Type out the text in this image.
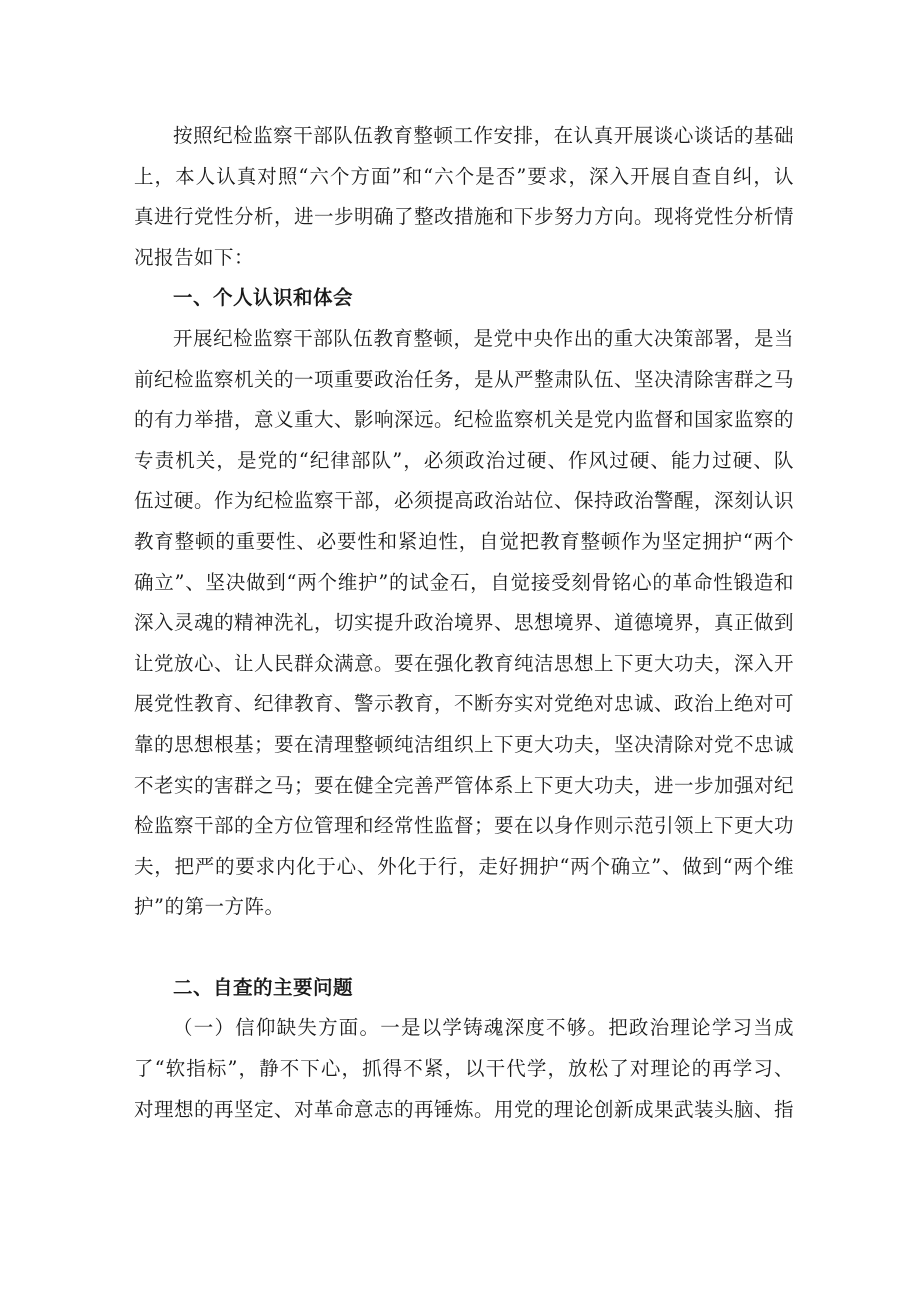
按照纪检监察干部队伍教育整顿工作安排，在认真开展谈心谈话的基础上，本人认真对照“六个方面”和“六个是否”要求，深入开展自查自纠，认真进行党性分析，进一步明确了整改措施和下步努力方向。现将党性分析情况报告如下：

一、个人认识和体会

开展纪检监察干部队伍教育整顿，是党中央作出的重大决策部署，是当前纪检监察机关的一项重要政治任务，是从严整肃队伍、坚决清除害群之马的有力举措，意义重大、影响深远。纪检监察机关是党内监督和国家监察的专责机关，是党的“纪律部队”，必须政治过硬、作风过硬、能力过硬、队伍过硬。作为纪检监察干部，必须提高政治站位、保持政治警醒，深刻认识教育整顿的重要性、必要性和紧迫性，自觉把教育整顿作为坚定拥护“两个确立”、坚决做到“两个维护”的试金石，自觉接受刻骨铭心的革命性锻造和深入灵魂的精神洗礼，切实提升政治境界、思想境界、道德境界，真正做到让党放心、让人民群众满意。要在强化教育纯洁思想上下更大功夫，深入开展党性教育、纪律教育、警示教育，不断夯实对党绝对忠诚、政治上绝对可靠的思想根基；要在清理整顿纯洁组织上下更大功夫，坚决清除对党不忠诚不老实的害群之马；要在健全完善严管体系上下更大功夫，进一步加强对纪检监察干部的全方位管理和经常性监督；要在以身作则示范引领上下更大功夫，把严的要求内化于心、外化于行，走好拥护“两个确立”、做到“两个维护”的第一方阵。

二、自查的主要问题

（一）信仰缺失方面。一是以学铸魂深度不够。把政治理论学习当成了“软指标”，静不下心，抓得不紧，以干代学，放松了对理论的再学习、对理想的再坚定、对革命意志的再锤炼。用党的理论创新成果武装头脑、指
